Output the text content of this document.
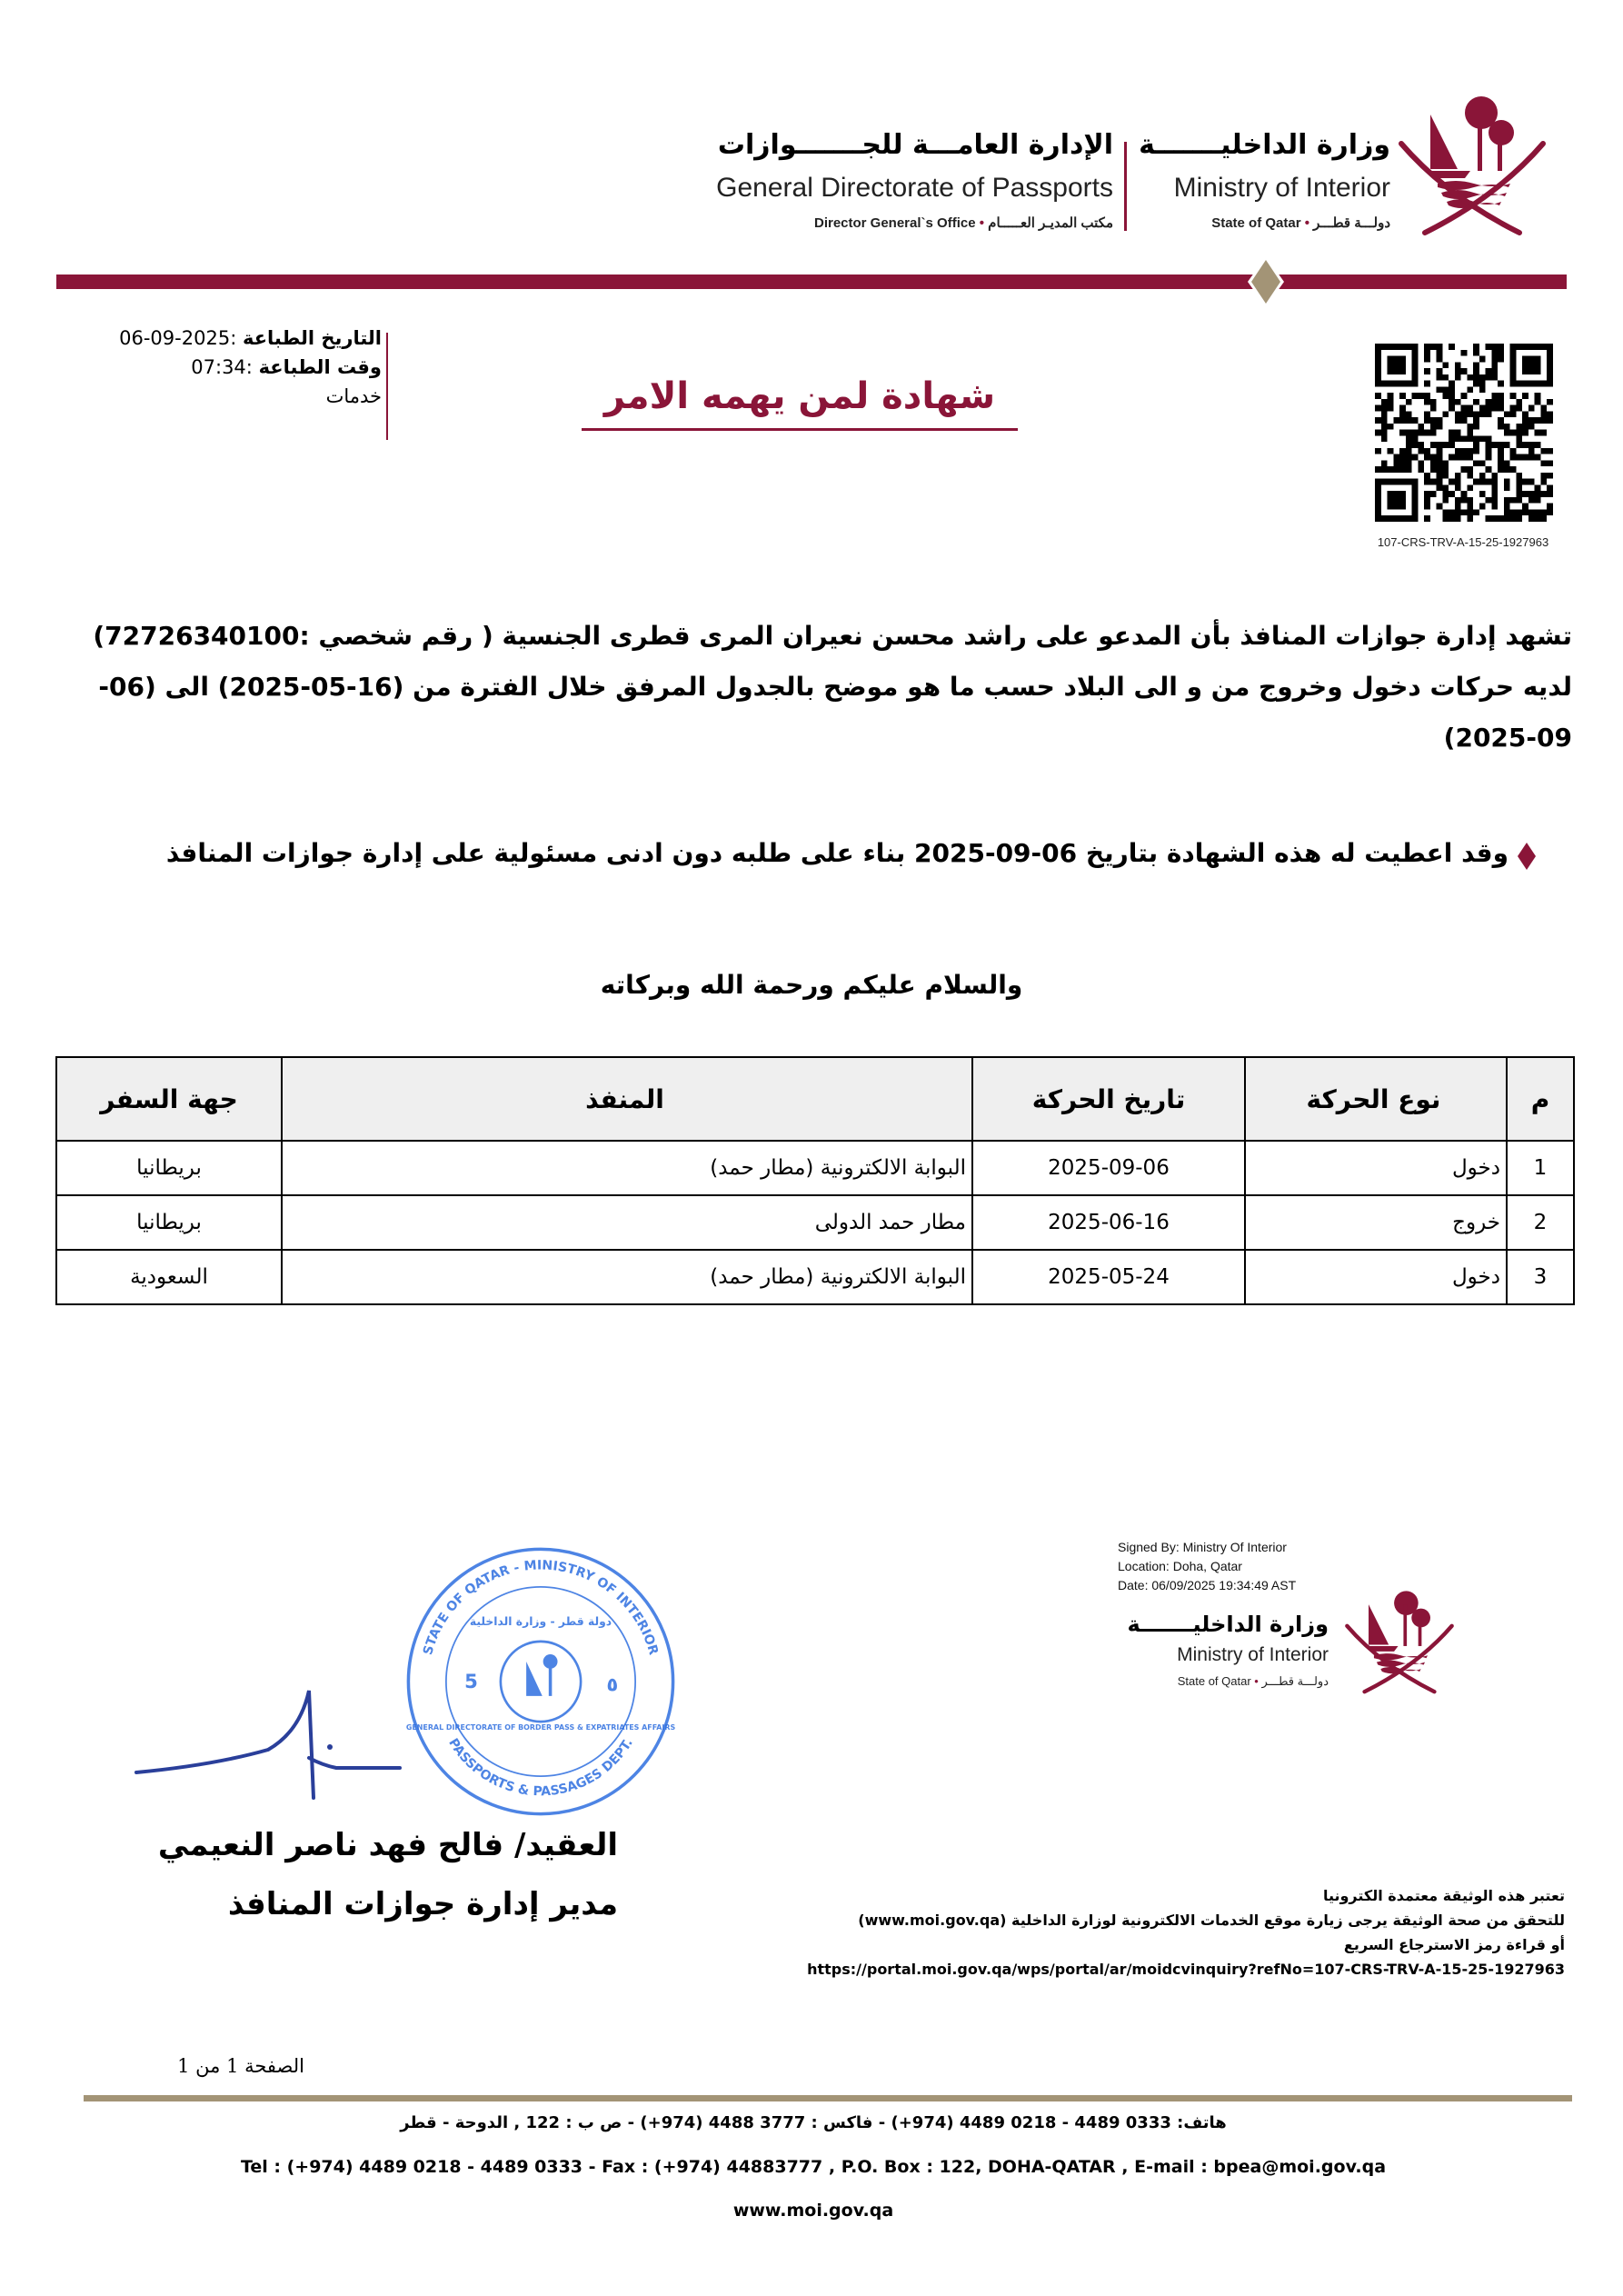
وزارة الداخليـــــــة
Ministry of Interior
State of Qatar • دولـــة قطـــر
الإدارة العامـــة للجـــــــوازات
General Directorate of Passports
Director General`s Office • مكتب المديـر العـــــام
التاريخ الطباعة :2025-09-06
وقت الطباعة :07:34
خدمات	شهادة لمن يهمه الامر
107-CRS-TRV-A-15-25-1927963
تشهد إدارة جوازات المنافذ بأن المدعو على راشد محسن نعيران المرى قطرى الجنسية ( رقم شخصي :2726340100‏7) لديه حركات دخول وخروج من و الى البلاد حسب ما هو موضح بالجدول المرفق خلال الفترة من (16-05-2025) الى (06-09-2025)
وقد اعطيت له هذه الشهادة بتاريخ 06-09-2025 بناء على طلبه دون ادنى مسئولية على إدارة جوازات المنافذ
والسلام عليكم ورحمة الله وبركاته
م	نوع الحركة	تاريخ الحركة	المنفذ	جهة السفر
1	دخول	2025-09-06	البوابة الالكترونية (مطار حمد)	بريطانيا
2	خروج	2025-06-16	مطار حمد الدولى	بريطانيا
3	دخول	2025-05-24	البوابة الالكترونية (مطار حمد)	السعودية
Signed By: Ministry Of Interior
Location: Doha, Qatar
Date: 06/09/2025 19:34:49 AST
وزارة الداخليـــــــة
Ministry of Interior
State of Qatar • دولـــة قطـــر
STATE OF QATAR - MINISTRY OF INTERIOR
PASSPORTS & PASSAGES DEPT.
GENERAL DIRECTORATE OF BORDER PASS & EXPATRIATES AFFAIRS
دولة قطر - وزارة الداخلية
5	٥
العقيد/ فالح فهد ناصر النعيمي
مدير إدارة جوازات المنافذ	تعتبر هذه الوثيقة معتمدة الكترونيا
للتحقق من صحة الوثيقة يرجى زيارة موقع الخدمات الالكترونية لوزارة الداخلية (www.moi.gov.qa)
أو قراءة رمز الاسترجاع السريع
https://portal.moi.gov.qa/wps/portal/ar/moidcvinquiry?refNo=107-CRS-TRV-A-15-25-1927963
الصفحة 1 من 1
هاتف: 0333 4489 - 0218 4489 (974+) - فاكس : 3777 4488 (974+) - ص ب : 122 , الدوحة - قطر
Tel : (+974) 4489 0218 - 4489 0333 - Fax : (+974) 44883777 , P.O. Box : 122, DOHA-QATAR , E-mail : bpea@moi.gov.qa
www.moi.gov.qa
